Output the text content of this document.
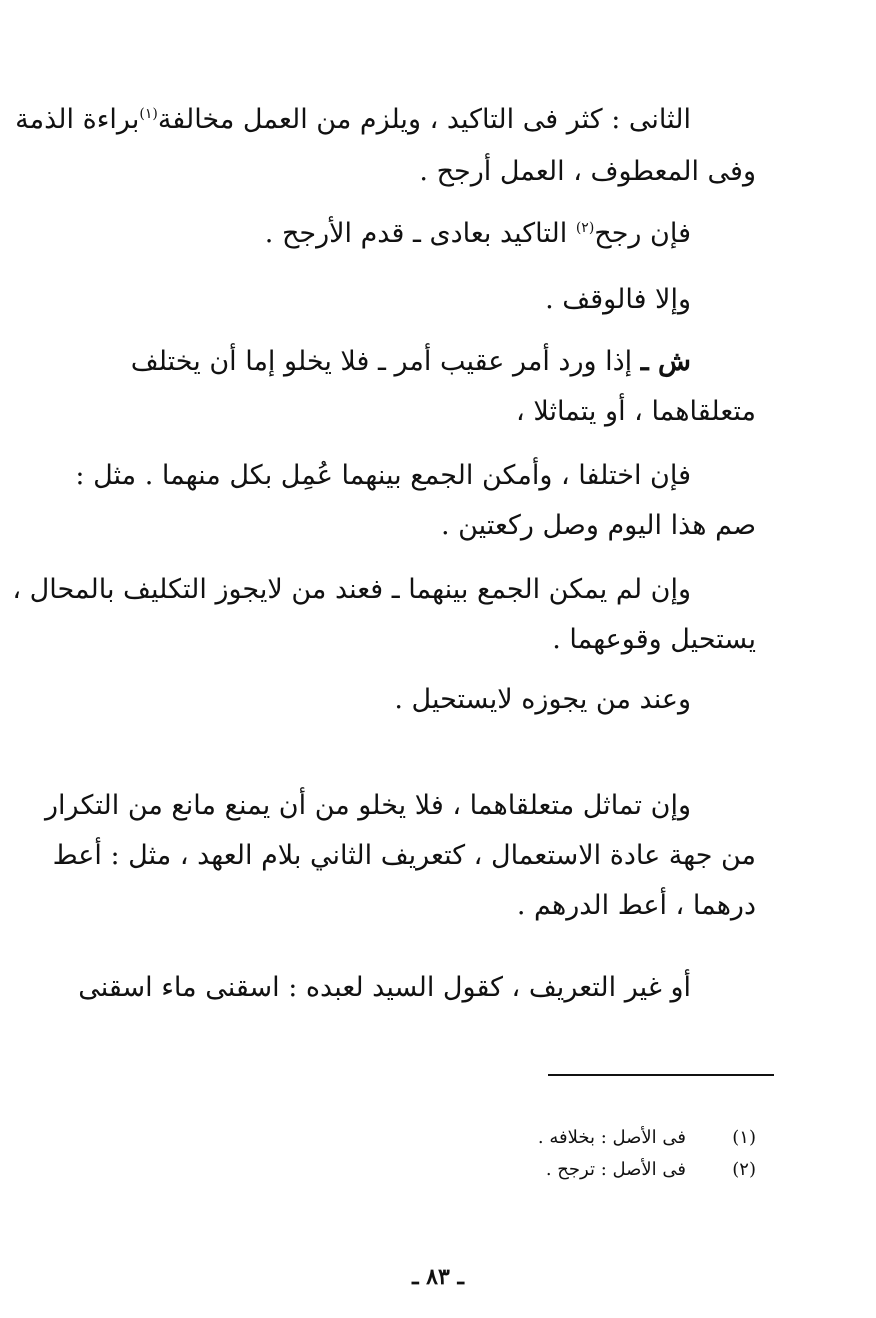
الثانى : كثر فى التاكيد ، ويلزم من العمل مخالفة$^{(١)}$براءة الذمة

وفى المعطوف ، العمل أرجح .

فإن رجح$^{(٢)}$ التاكيد بعادى ـ قدم الأرجح .

وإلا فالوقف .

ش ـ إذا ورد أمر عقيب أمر ـ فلا يخلو إما أن يختلف

متعلقاهما ، أو يتماثلا ،

فإن اختلفا ، وأمكن الجمع بينهما عُمِل بكل منهما . مثل :

صم هذا اليوم وصل ركعتين .

وإن لم يمكن الجمع بينهما ـ فعند من لايجوز التكليف بالمحال ،

يستحيل وقوعهما .

وعند من يجوزه لايستحيل .

وإن تماثل متعلقاهما ، فلا يخلو من أن يمنع مانع من التكرار

من جهة عادة الاستعمال ، كتعريف الثاني بلام العهد ، مثل : أعط

درهما ، أعط الدرهم .

أو غير التعريف ، كقول السيد لعبده : اسقنى ماء اسقنى

(١)فى الأصل : بخلافه .
(٢)فى الأصل : ترجح .
ـ ٨٣ ـ
